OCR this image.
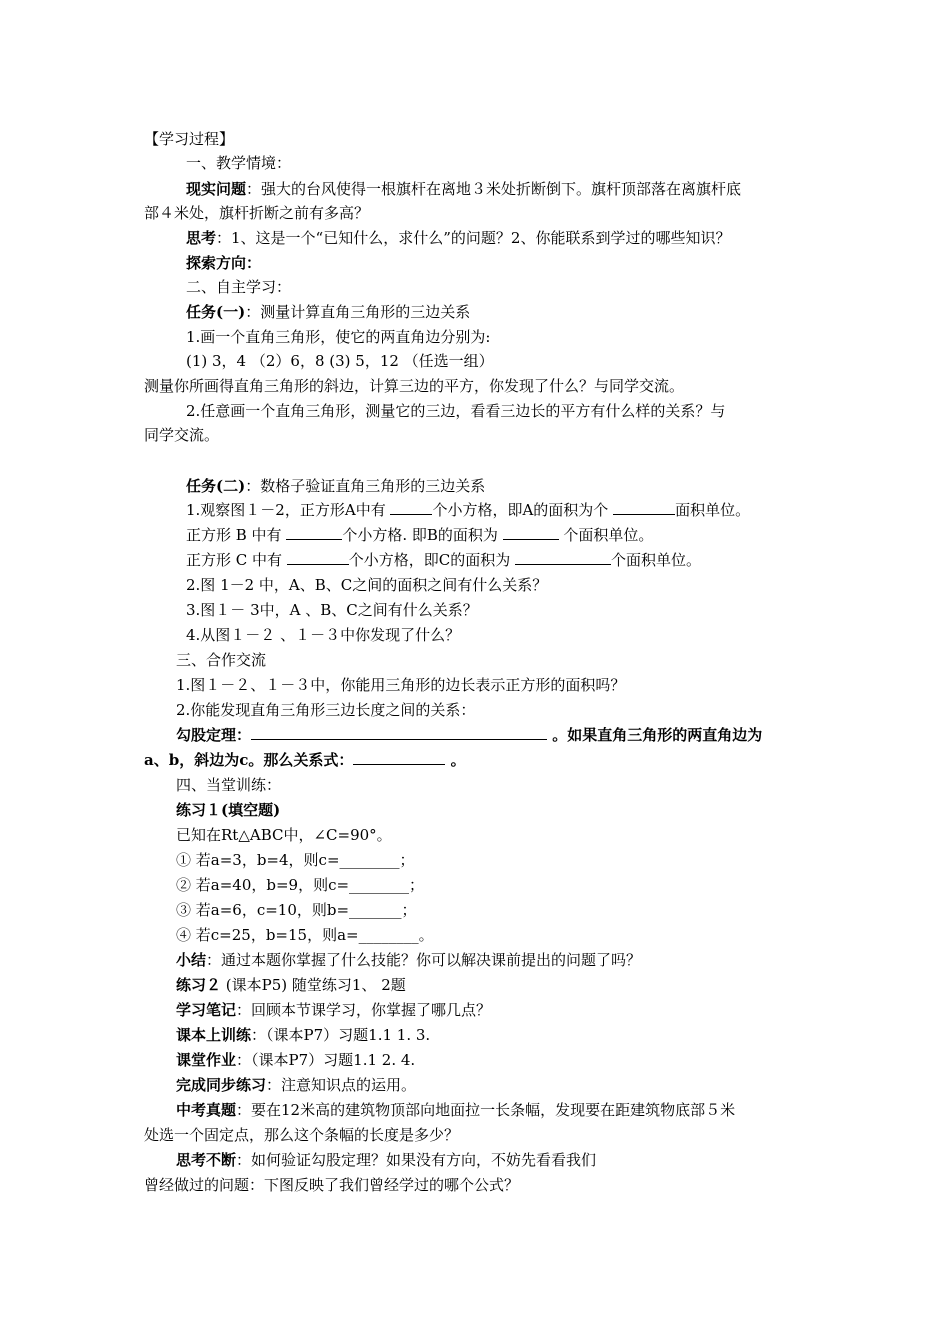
【学习过程】
一、教学情境：
现实问题：强大的台风使得一根旗杆在离地３米处折断倒下。旗杆顶部落在离旗杆底
部４米处，旗杆折断之前有多高？
思考：1、这是一个“已知什么，求什么”的问题？2、你能联系到学过的哪些知识？
探索方向：
二、自主学习：
任务(一)：测量计算直角三角形的三边关系
1.画一个直角三角形，使它的两直角边分别为:
(1) 3，4 （2）6，8 (3) 5，12 （任选一组）
测量你所画得直角三角形的斜边，计算三边的平方，你发现了什么？与同学交流。
2.任意画一个直角三角形，测量它的三边，看看三边长的平方有什么样的关系？与
同学交流。
任务(二)：数格子验证直角三角形的三边关系
1.观察图１－2，正方形A中有	个小方格，即A的面积为个	面积单位。
正方形 B 中有	个小方格. 即B的面积为	个面积单位。
正方形 C 中有	个小方格，即C的面积为	个面积单位。
2.图 1－2 中，A、B、C之间的面积之间有什么关系？
3.图１－ 3中，A 、B、C之间有什么关系？
4.从图１－２ 、１－３中你发现了什么？
三、合作交流
1.图１－２、１－３中，你能用三角形的边长表示正方形的面积吗？
2.你能发现直角三角形三边长度之间的关系：
勾股定理：	。如果直角三角形的两直角边为
a、b，斜边为c。那么关系式：	。
四、当堂训练：
练习１(填空题)
已知在Rt△ABC中，∠C=90°。
① 若a=3，b=4，则c=________；
② 若a=40，b=9，则c=________；
③ 若a=6，c=10，则b=_______；
④ 若c=25，b=15，则a=________。
小结：通过本题你掌握了什么技能？你可以解决课前提出的问题了吗？
练习２ (课本P5) 随堂练习1、 2题
学习笔记：回顾本节课学习，你掌握了哪几点？
课本上训练：（课本P7）习题1.1 1. 3.
课堂作业：（课本P7）习题1.1 2. 4.
完成同步练习：注意知识点的运用。
中考真题：要在12米高的建筑物顶部向地面拉一长条幅，发现要在距建筑物底部５米
处选一个固定点，那么这个条幅的长度是多少？
思考不断：如何验证勾股定理？如果没有方向，不妨先看看我们
曾经做过的问题：下图反映了我们曾经学过的哪个公式？
